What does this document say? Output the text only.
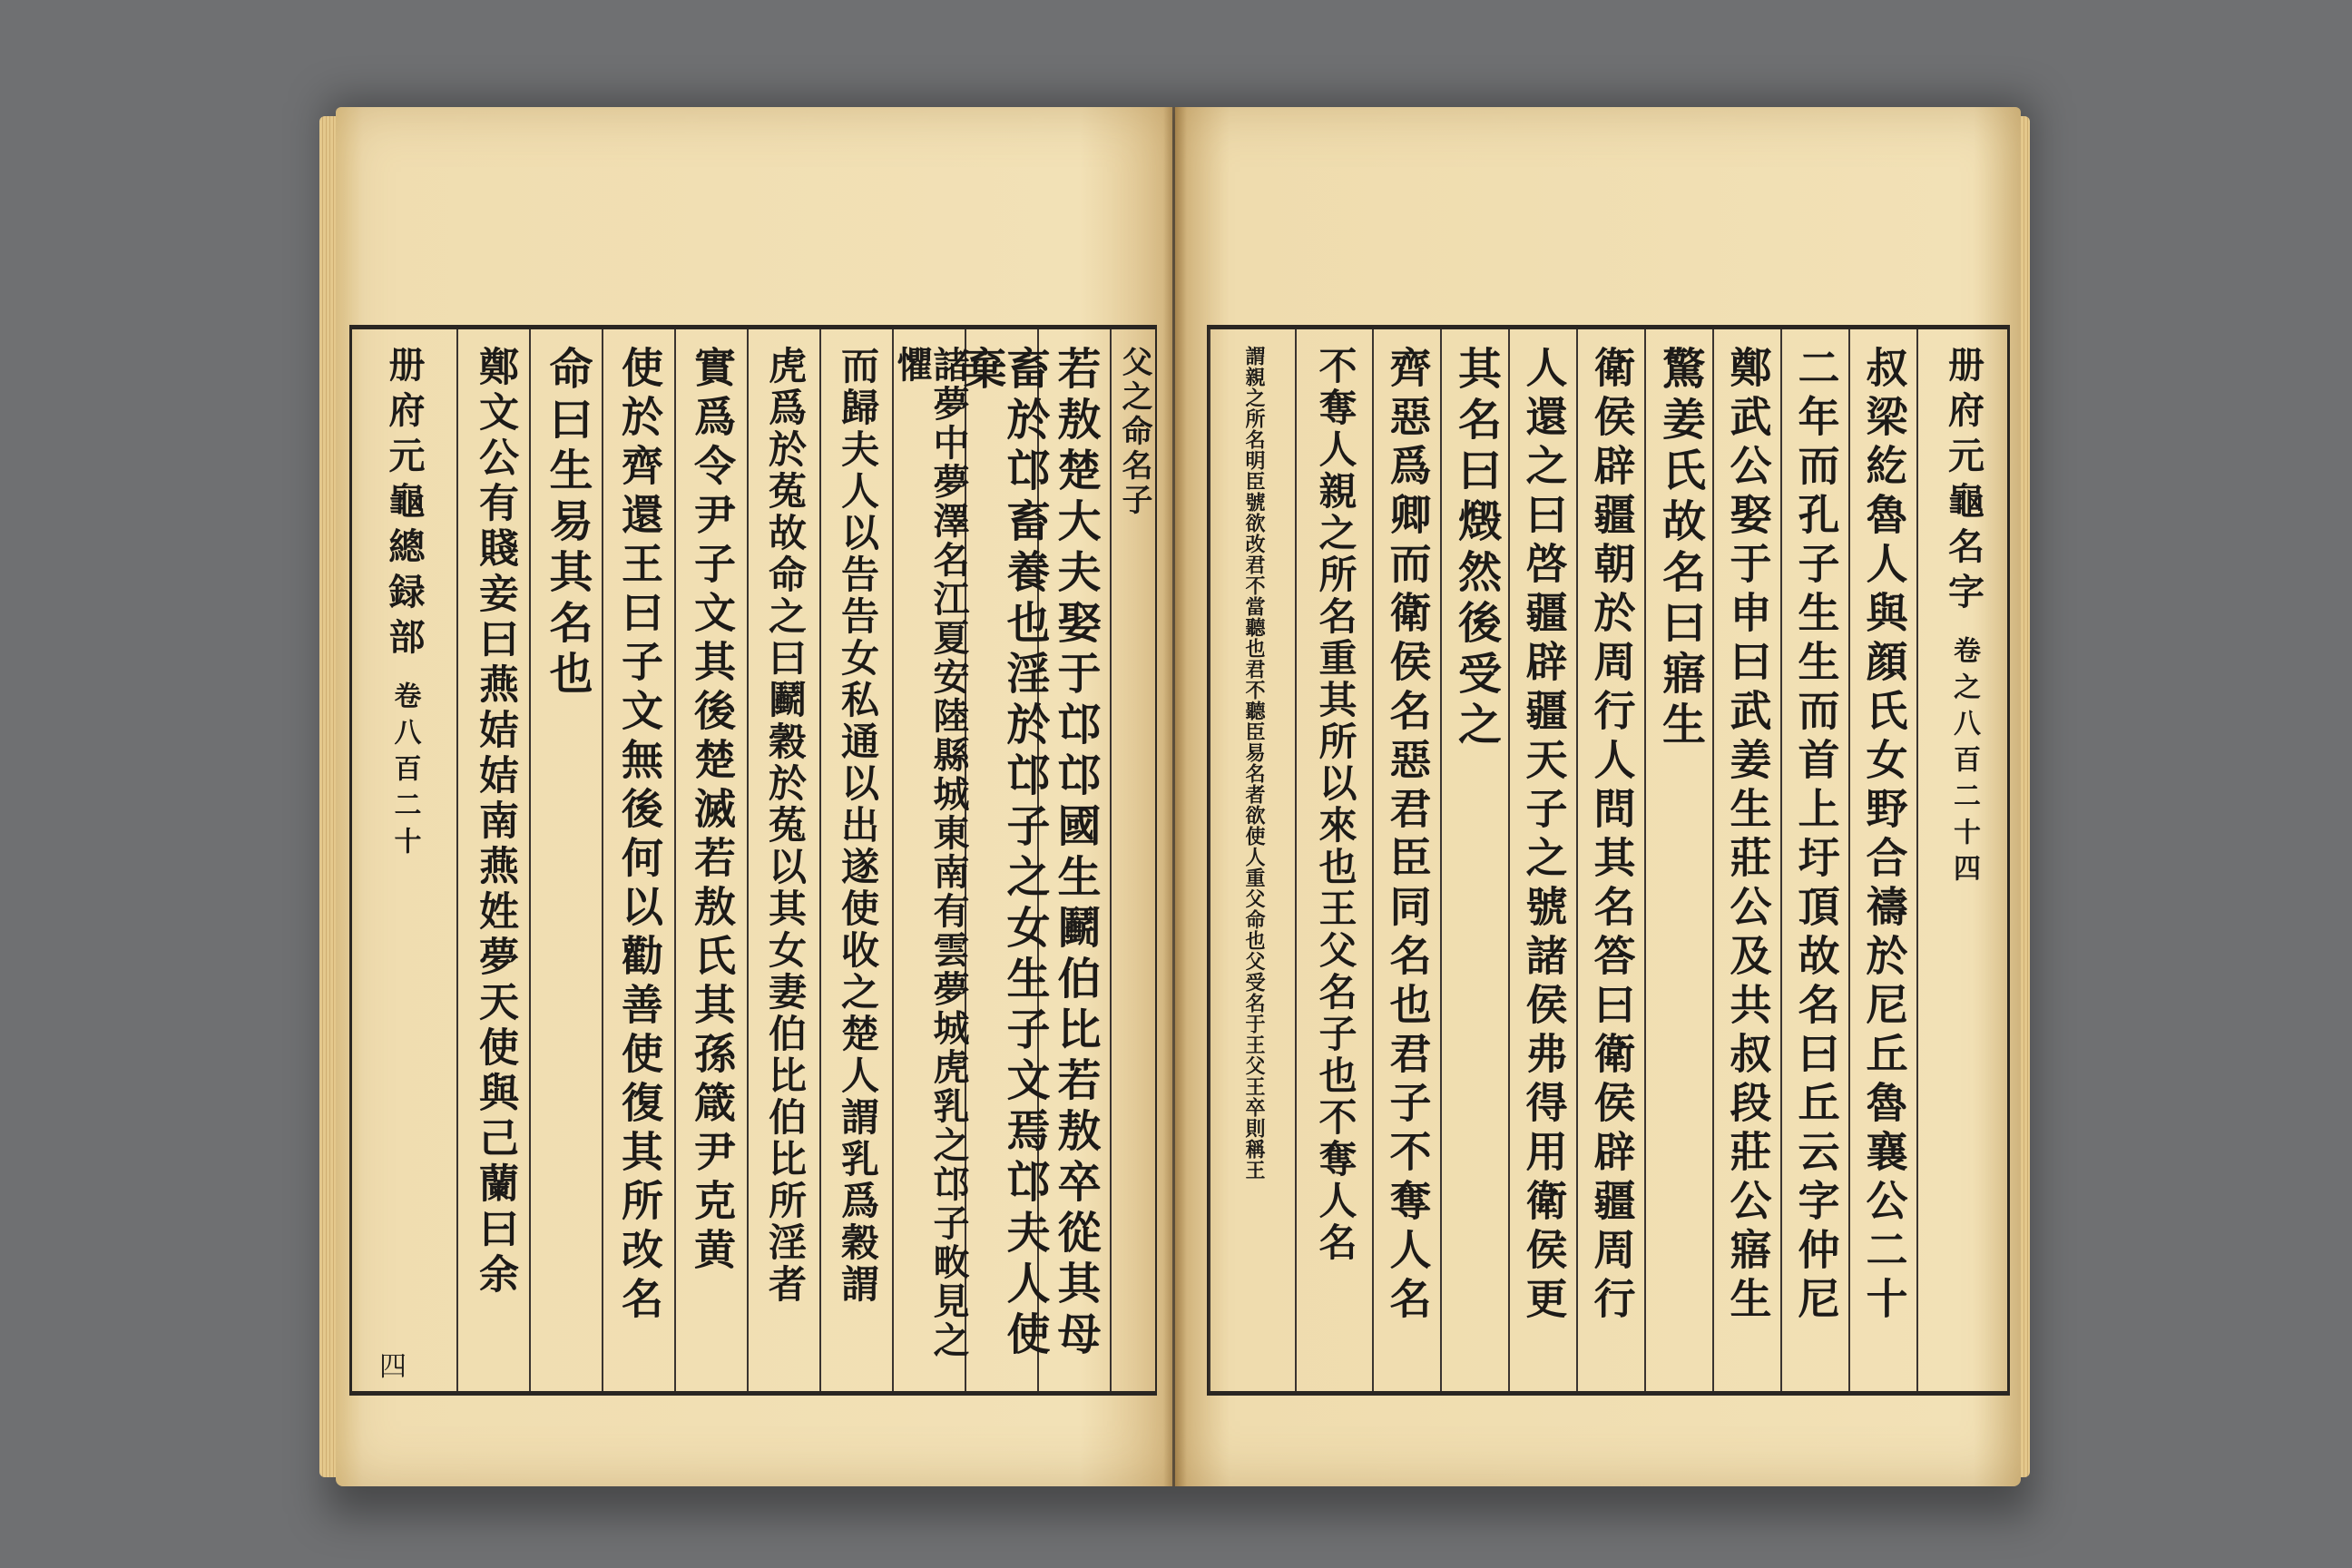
父之命名子
若敖楚大夫娶于邙邙國生鬬伯比若敖卒從其母
畜於邙畜養也淫於邙子之女生子文焉邙夫人使棄
諸夢中夢澤名江夏安陸縣城東南有雲夢城虎乳之邙子畋見之懼
而歸夫人以告告女私通以出遂使收之楚人謂乳爲穀謂
虎爲於菟故命之曰鬬穀於菟以其女妻伯比伯比所淫者
實爲令尹子文其後楚滅若敖氏其孫箴尹克黄
使於齊還王曰子文無後何以勸善使復其所改名
命曰生易其名也
鄭文公有賤妾曰燕姞姞南燕姓夢天使與己蘭曰余
册府元龜總録部
卷八百二十
四
册府元龜名字
卷之八百二十四
叔梁紇魯人與顔氏女野合禱於尼丘魯襄公二十
二年而孔子生生而首上圩頂故名曰丘云字仲尼
鄭武公娶于申曰武姜生莊公及共叔段莊公寤生
驚姜氏故名曰寤生
衛侯辟疆朝於周行人問其名答曰衛侯辟疆周行
人還之曰啓疆辟疆天子之號諸侯弗得用衛侯更
其名曰燬然後受之
齊惡爲卿而衛侯名惡君臣同名也君子不奪人名
不奪人親之所名重其所以來也王父名子也不奪人名
謂親之所名明臣號欲改君不當聽也君不聽臣易名者欲使人重父命也父受名于王父王卒則稱王
